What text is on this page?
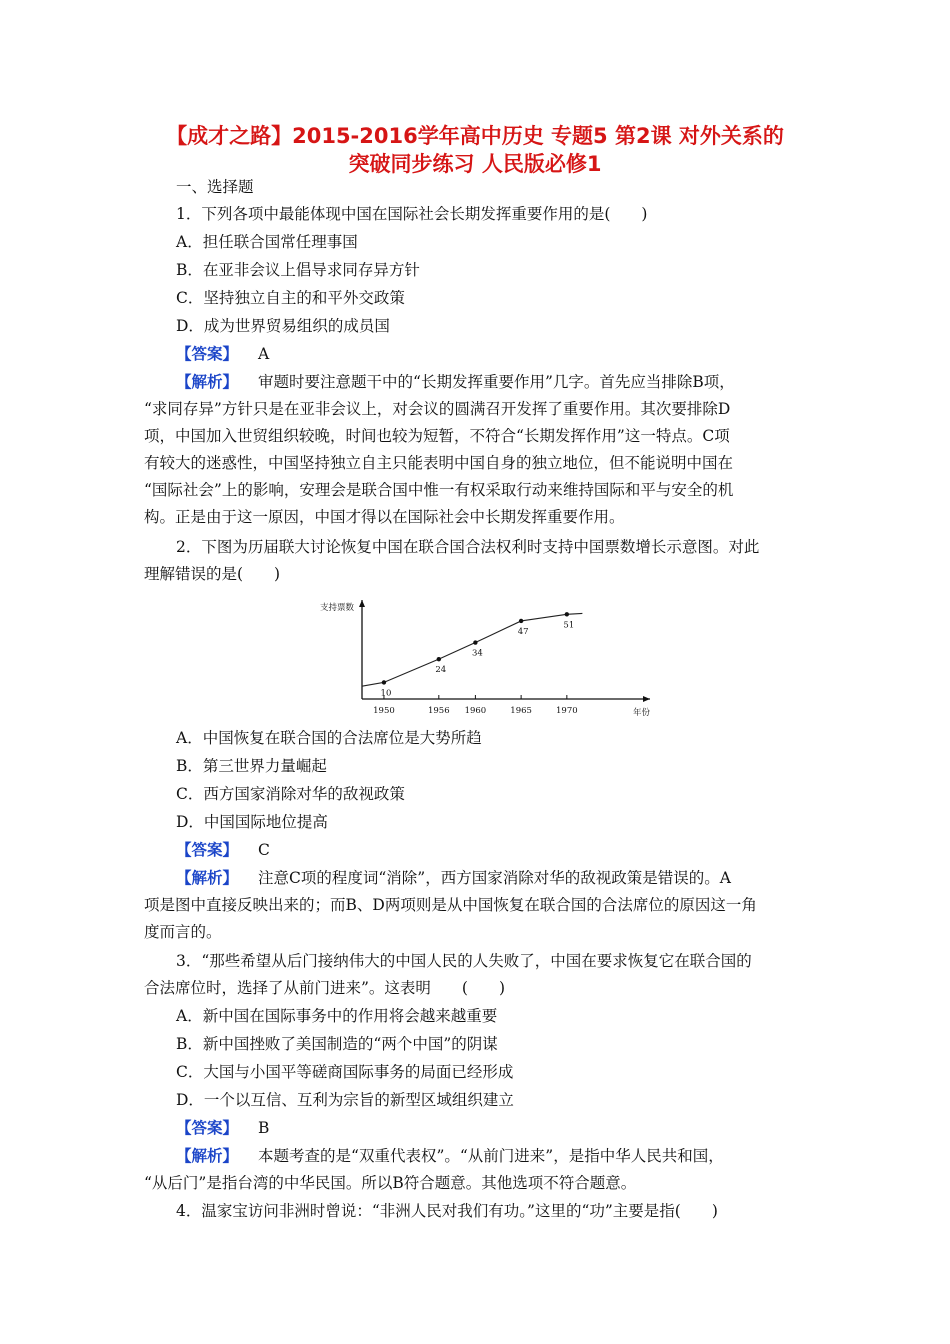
【成才之路】2015-2016学年高中历史 专题5 第2课 对外关系的
突破同步练习 人民版必修1
一、选择题
1．下列各项中最能体现中国在国际社会长期发挥重要作用的是(　　)
A．担任联合国常任理事国
B．在亚非会议上倡导求同存异方针
C．坚持独立自主的和平外交政策
D．成为世界贸易组织的成员国
【答案】 A
【解析】 审题时要注意题干中的“长期发挥重要作用”几字。首先应当排除B项，
“求同存异”方针只是在亚非会议上，对会议的圆满召开发挥了重要作用。其次要排除D
项，中国加入世贸组织较晚，时间也较为短暂，不符合“长期发挥作用”这一特点。C项
有较大的迷惑性，中国坚持独立自主只能表明中国自身的独立地位，但不能说明中国在
“国际社会”上的影响，安理会是联合国中惟一有权采取行动来维持国际和平与安全的机
构。正是由于这一原因，中国才得以在国际社会中长期发挥重要作用。
2．下图为历届联大讨论恢复中国在联合国合法权利时支持中国票数增长示意图。对此
理解错误的是(　　)
支持票数
年份
1950	1956 1960	1965	1970
10
24
34
47
51
A．中国恢复在联合国的合法席位是大势所趋
B．第三世界力量崛起
C．西方国家消除对华的敌视政策
D．中国国际地位提高
【答案】 C
【解析】 注意C项的程度词“消除”，西方国家消除对华的敌视政策是错误的。A
项是图中直接反映出来的；而B、D两项则是从中国恢复在联合国的合法席位的原因这一角
度而言的。
3．“那些希望从后门接纳伟大的中国人民的人失败了，中国在要求恢复它在联合国的
合法席位时，选择了从前门进来”。这表明　　(　　)
A．新中国在国际事务中的作用将会越来越重要
B．新中国挫败了美国制造的“两个中国”的阴谋
C．大国与小国平等磋商国际事务的局面已经形成
D．一个以互信、互利为宗旨的新型区域组织建立
【答案】 B
【解析】 本题考查的是“双重代表权”。“从前门进来”，是指中华人民共和国，
“从后门”是指台湾的中华民国。所以B符合题意。其他选项不符合题意。
4．温家宝访问非洲时曾说：“非洲人民对我们有功。”这里的“功”主要是指(　　)
